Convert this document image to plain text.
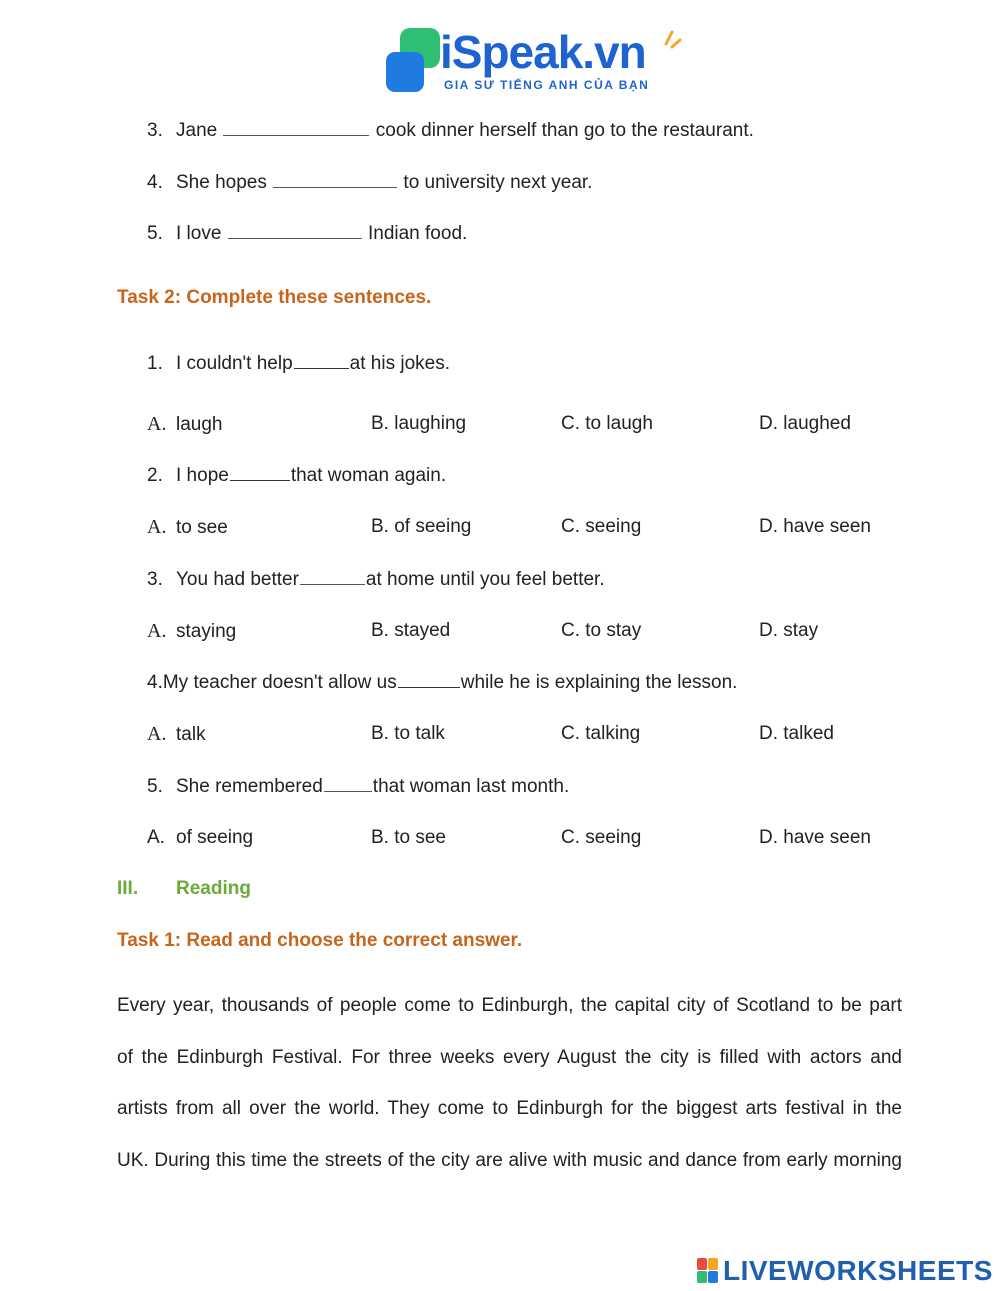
iSpeak.vn
GIA SƯ TIẾNG ANH CỦA BẠN
3. Jane	cook dinner herself than go to the restaurant.
4. She hopes	to university next year.
5. I love	Indian food.
Task 2: Complete these sentences.
1. I couldn't help	at his jokes.
A. laugh	B. laughing	C. to laugh	D. laughed
2. I hope	that woman again.
A. to see	B. of seeing	C. seeing	D. have seen
3. You had better	at home until you feel better.
A. staying	B. stayed	C. to stay	D. stay
4.My teacher doesn't allow us	while he is explaining the lesson.
A. talk	B. to talk	C. talking	D. talked
5. She remembered	that woman last month.
A. of seeing	B. to see	C. seeing	D. have seen
III. Reading
Task 1: Read and choose the correct answer.
Every year, thousands of people come to Edinburgh, the capital city of Scotland to be part
of the Edinburgh Festival. For three weeks every August the city is filled with actors and
artists from all over the world. They come to Edinburgh for the biggest arts festival in the
UK. During this time the streets of the city are alive with music and dance from early morning
LIVEWORKSHEETS
